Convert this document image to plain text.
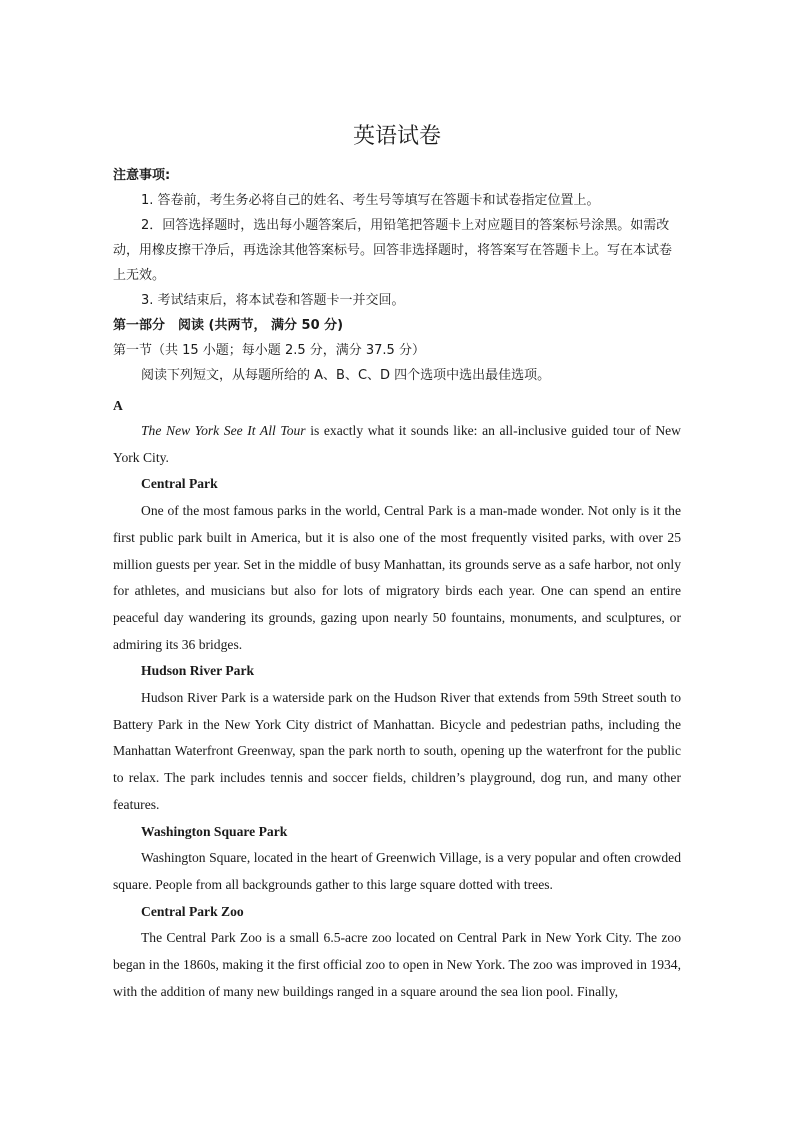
英语试卷
注意事项:
1. 答卷前，考生务必将自己的姓名、考生号等填写在答题卡和试卷指定位置上。
2．回答选择题时，选出每小题答案后，用铅笔把答题卡上对应题目的答案标号涂黑。如需改动，用橡皮擦干净后，再选涂其他答案标号。回答非选择题时，将答案写在答题卡上。写在本试卷上无效。
3. 考试结束后，将本试卷和答题卡一并交回。
第一部分　阅读 (共两节， 满分 50 分)
第一节（共 15 小题；每小题 2.5 分，满分 37.5 分）
阅读下列短文，从每题所给的 A、B、C、D 四个选项中选出最佳选项。
A
The New York See It All Tour is exactly what it sounds like: an all-inclusive guided tour of New York City.
Central Park
One of the most famous parks in the world, Central Park is a man-made wonder. Not only is it the first public park built in America, but it is also one of the most frequently visited parks, with over 25 million guests per year. Set in the middle of busy Manhattan, its grounds serve as a safe harbor, not only for athletes, and musicians but also for lots of migratory birds each year. One can spend an entire peaceful day wandering its grounds, gazing upon nearly 50 fountains, monuments, and sculptures, or admiring its 36 bridges.
Hudson River Park
Hudson River Park is a waterside park on the Hudson River that extends from 59th Street south to Battery Park in the New York City district of Manhattan. Bicycle and pedestrian paths, including the Manhattan Waterfront Greenway, span the park north to south, opening up the waterfront for the public to relax. The park includes tennis and soccer fields, children’s playground, dog run, and many other features.
Washington Square Park
Washington Square, located in the heart of Greenwich Village, is a very popular and often crowded square. People from all backgrounds gather to this large square dotted with trees.
Central Park Zoo
The Central Park Zoo is a small 6.5-acre zoo located on Central Park in New York City. The zoo began in the 1860s, making it the first official zoo to open in New York. The zoo was improved in 1934, with the addition of many new buildings ranged in a square around the sea lion pool. Finally,
